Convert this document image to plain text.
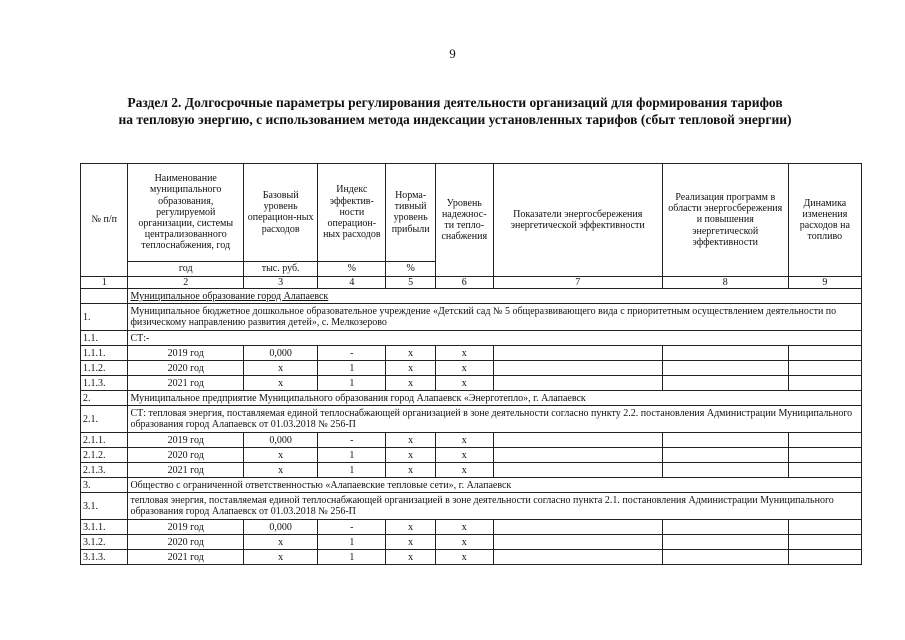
9
Раздел 2. Долгосрочные параметры регулирования деятельности организаций для формирования тарифов
на тепловую энергию, с использованием метода индексации установленных тарифов (сбыт тепловой энергии)
№ п/п	Наименование муниципального образования, регулируемой организации, системы централизованного теплоснабжения, год	Базовый уровень операцион-ных расходов	Индекс эффектив-ности операцион-ных расходов	Норма-тивный уровень прибыли	Уровень надежнос-ти тепло-снабжения	Показатели энергосбережения энергетической эффективности	Реализация программ в области энергосбережения и повышения энергетической эффективности	Динамика изменения расходов на топливо
	год	тыс. руб.	%	%				
1	2	3	4	5	6	7	8	9
	Муниципальное образование город Алапаевск							
1.	Муниципальное бюджетное дошкольное образовательное учреждение «Детский сад № 5 общеразвивающего вида с приоритетным осуществлением деятельности по физическому направлению развития детей», с. Мелкозерово							
1.1.	СТ:-							
1.1.1.	2019 год	0,000	-	x	x			
1.1.2.	2020 год	x	1	x	x			
1.1.3.	2021 год	x	1	x	x			
2.	Муниципальное предприятие Муниципального образования город Алапаевск «Энерготепло», г. Алапаевск							
2.1.	СТ: тепловая энергия, поставляемая единой теплоснабжающей организацией в зоне деятельности согласно пункту 2.2. постановления Администрации Муниципального образования город Алапаевск от 01.03.2018 № 256-П							
2.1.1.	2019 год	0,000	-	x	x			
2.1.2.	2020 год	x	1	x	x			
2.1.3.	2021 год	x	1	x	x			
3.	Общество с ограниченной ответственностью «Алапаевские тепловые сети», г. Алапаевск							
3.1.	тепловая энергия, поставляемая единой теплоснабжающей организацией в зоне деятельности согласно пункта 2.1. постановления Администрации Муниципального образования город Алапаевск от 01.03.2018 № 256-П							
3.1.1.	2019 год	0,000	-	x	x			
3.1.2.	2020 год	x	1	x	x			
3.1.3.	2021 год	x	1	x	x			
